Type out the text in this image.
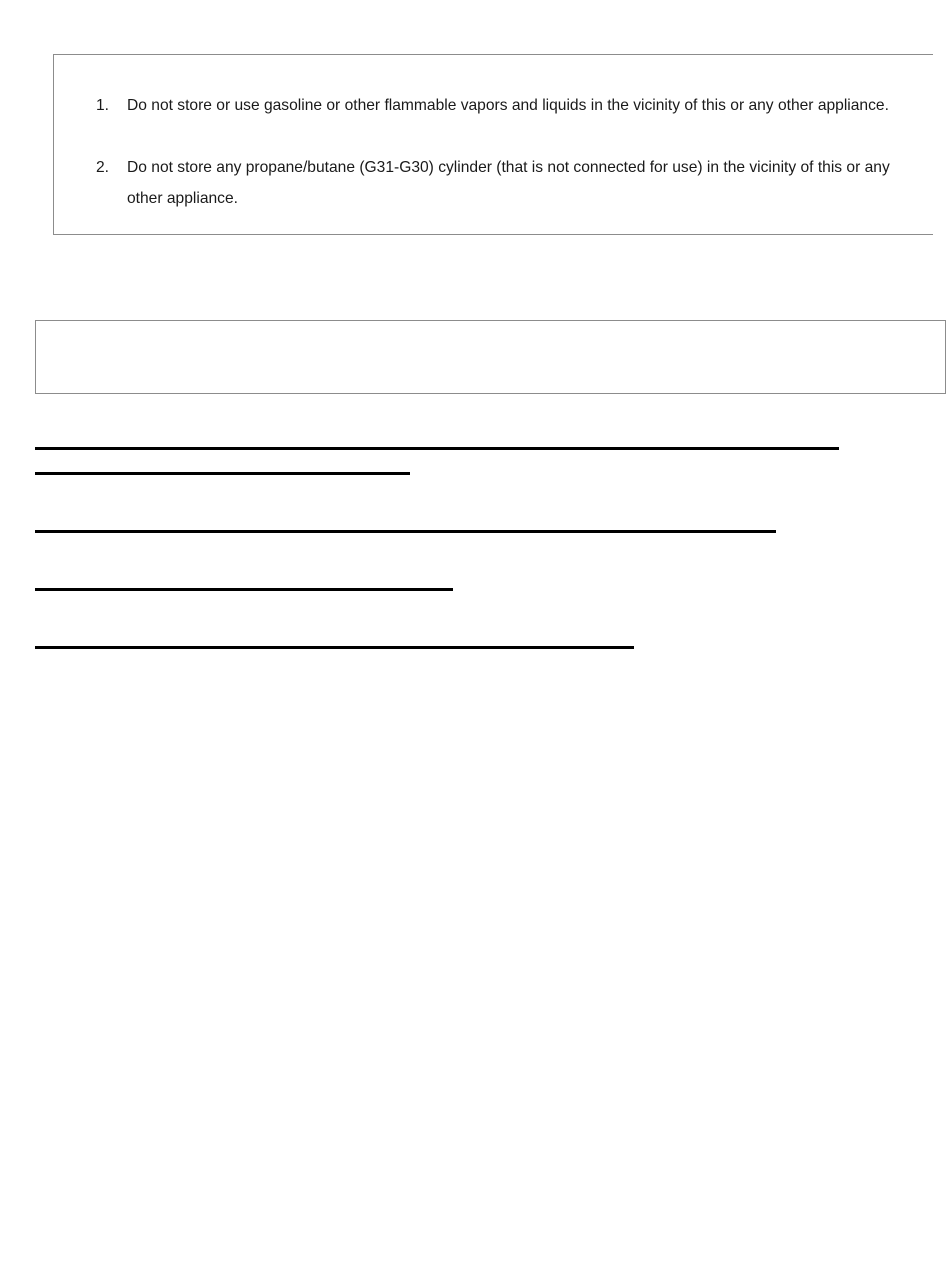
1. Do not store or use gasoline or other flammable vapors and liquids in the vicinity of this or any other appliance.
2. Do not store any propane/butane (G31-G30) cylinder (that is not connected for use) in the vicinity of this or any other appliance.
